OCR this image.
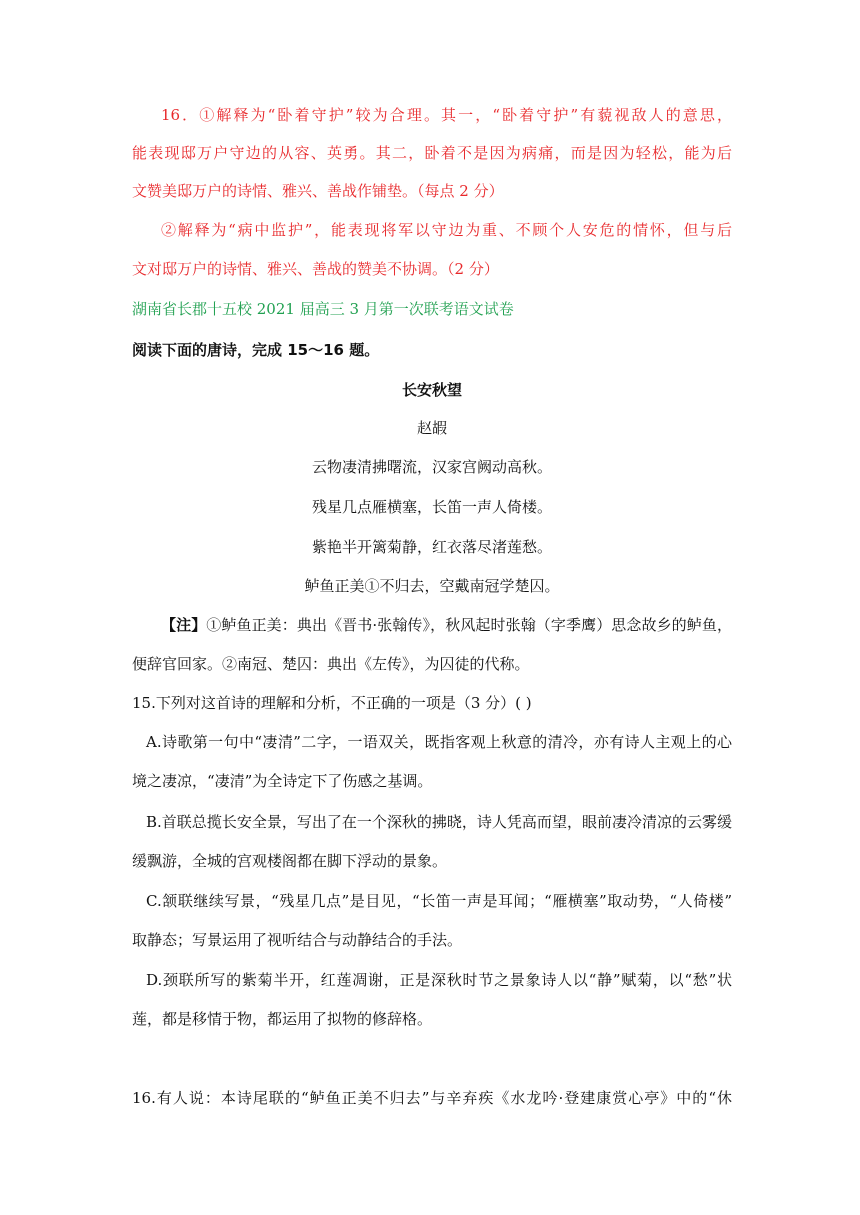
16．①解释为“卧着守护”较为合理。其一，“卧着守护”有藐视敌人的意思，
能表现邸万户守边的从容、英勇。其二，卧着不是因为病痛，而是因为轻松，能为后
文赞美邸万户的诗情、雅兴、善战作铺垫。（每点 2 分）
②解释为“病中监护”，能表现将军以守边为重、不顾个人安危的情怀，但与后
文对邸万户的诗情、雅兴、善战的赞美不协调。（2 分）
湖南省长郡十五校 2021 届高三 3 月第一次联考语文试卷
阅读下面的唐诗，完成 15～16 题。
长安秋望
赵嘏
云物凄清拂曙流，汉家宫阙动高秋。
残星几点雁横塞，长笛一声人倚楼。
紫艳半开篱菊静，红衣落尽渚莲愁。
鲈鱼正美①不归去，空戴南冠学楚囚。
【注】①鲈鱼正美：典出《晋书·张翰传》，秋风起时张翰（字季鹰）思念故乡的鲈鱼，
便辞官回家。②南冠、楚囚：典出《左传》，为囚徒的代称。
15.下列对这首诗的理解和分析，不正确的一项是（3 分）( )
A.诗歌第一句中“凄清”二字，一语双关，既指客观上秋意的清冷，亦有诗人主观上的心
境之凄凉，“凄清”为全诗定下了伤感之基调。
B.首联总揽长安全景，写出了在一个深秋的拂晓，诗人凭高而望，眼前凄冷清凉的云雾缓
缓飘游，全城的宫观楼阁都在脚下浮动的景象。
C.颔联继续写景，“残星几点”是目见，“长笛一声是耳闻；“雁横塞”取动势，“人倚楼”
取静态；写景运用了视听结合与动静结合的手法。
D.颈联所写的紫菊半开，红莲凋谢，正是深秋时节之景象诗人以“静”赋菊，以“愁”状
莲，都是移情于物，都运用了拟物的修辞格。
16.有人说：本诗尾联的“鲈鱼正美不归去”与辛弃疾《水龙吟·登建康赏心亭》中的“休
